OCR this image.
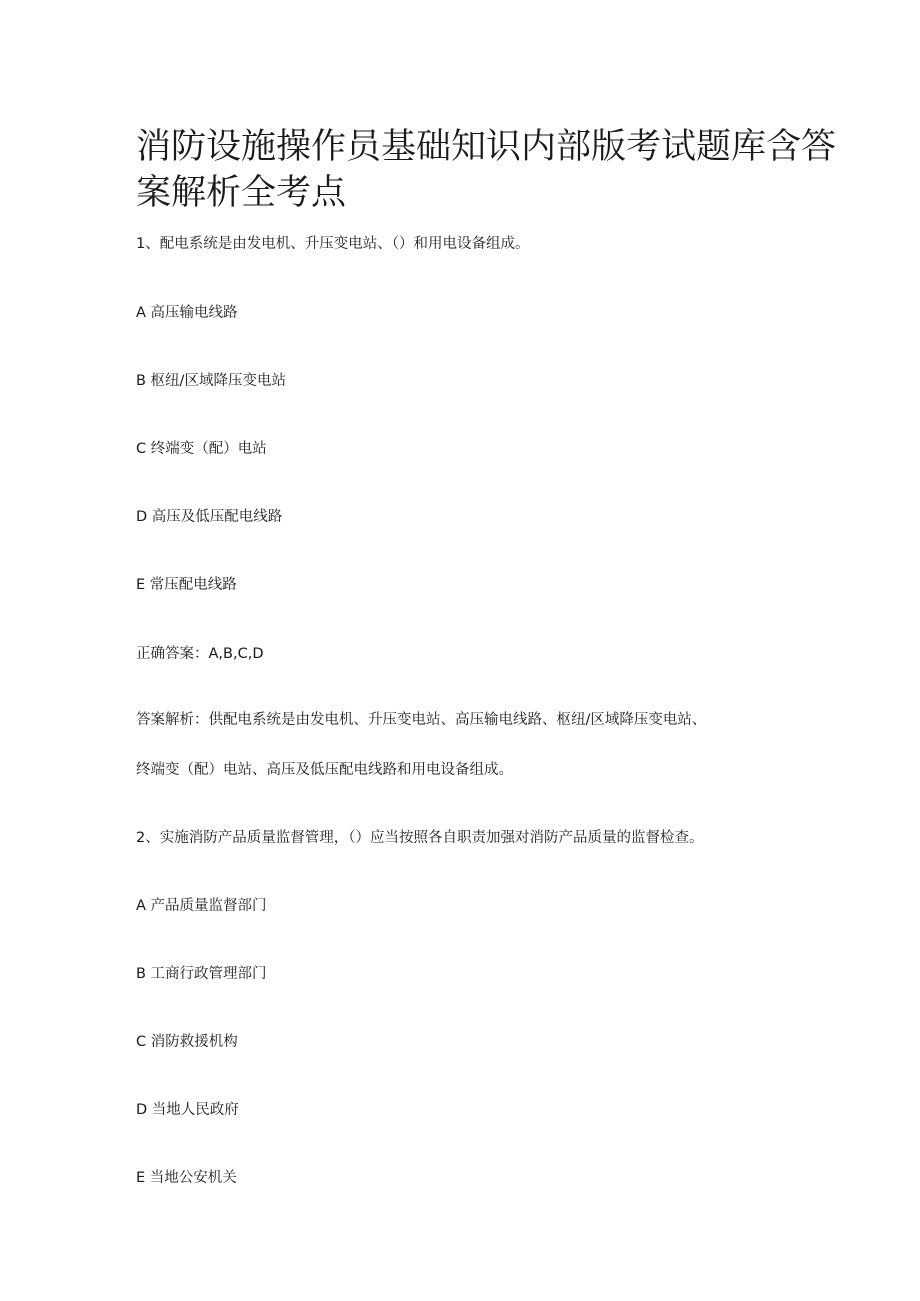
消防设施操作员基础知识内部版考试题库含答案解析全考点
1、配电系统是由发电机、升压变电站、（）和用电设备组成。
A 高压输电线路
B 枢纽/区域降压变电站
C 终端变（配）电站
D 高压及低压配电线路
E 常压配电线路
正确答案：A,B,C,D
答案解析：供配电系统是由发电机、升压变电站、高压输电线路、枢纽/区域降压变电站、
终端变（配）电站、高压及低压配电线路和用电设备组成。
2、实施消防产品质量监督管理，（）应当按照各自职责加强对消防产品质量的监督检查。
A 产品质量监督部门
B 工商行政管理部门
C 消防救援机构
D 当地人民政府
E 当地公安机关
